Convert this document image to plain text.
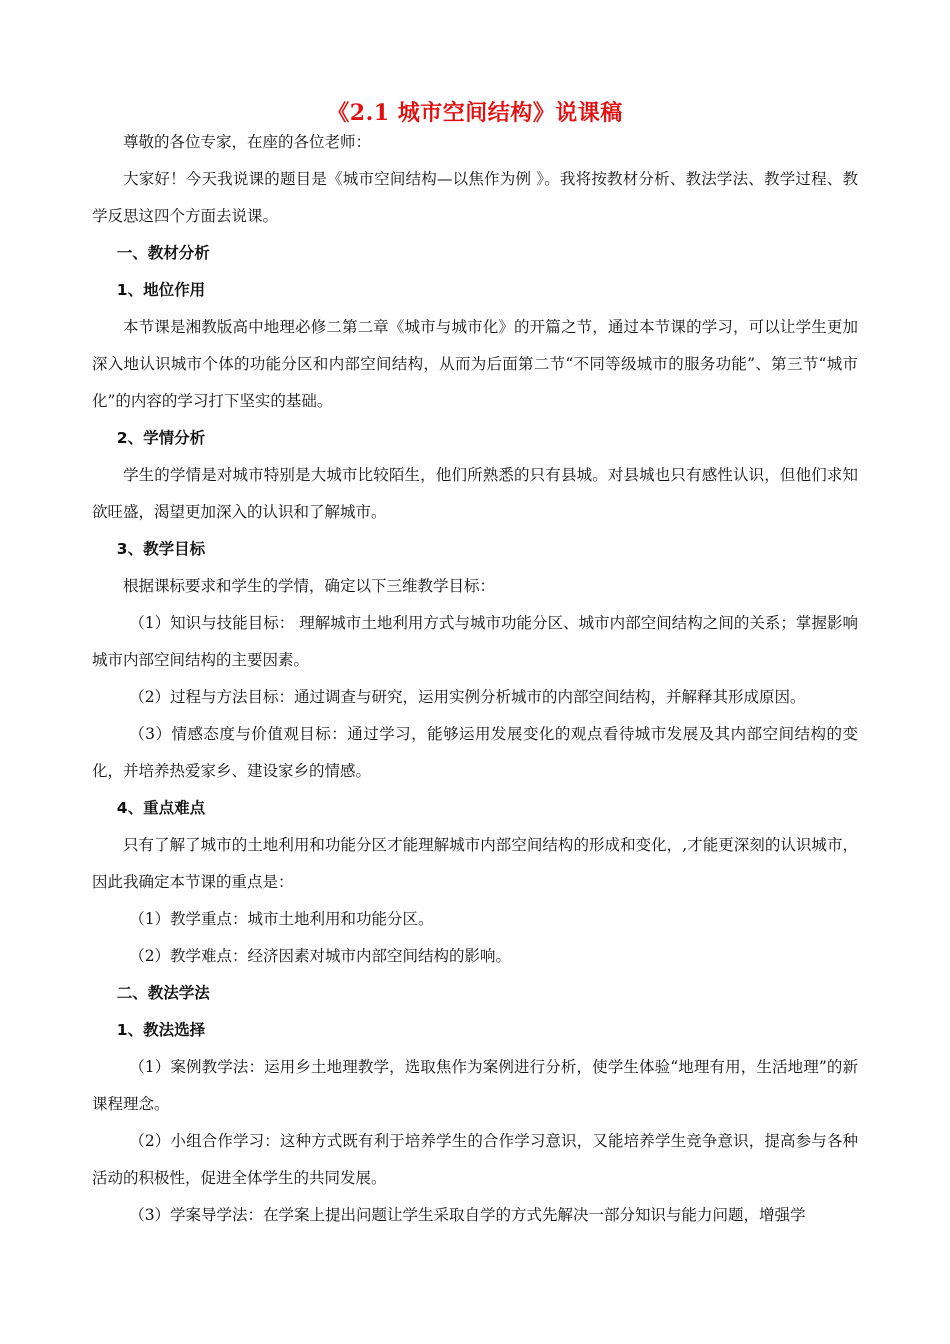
《2.1 城市空间结构》说课稿

尊敬的各位专家，在座的各位老师：

大家好！今天我说课的题目是《城市空间结构—以焦作为例 》。我将按教材分析、教法学法、教学过程、教学反思这四个方面去说课。

一、教材分析

1、地位作用

本节课是湘教版高中地理必修二第二章《城市与城市化》的开篇之节，通过本节课的学习，可以让学生更加深入地认识城市个体的功能分区和内部空间结构，从而为后面第二节“不同等级城市的服务功能”、第三节“城市化”的内容的学习打下坚实的基础。

2、学情分析

学生的学情是对城市特别是大城市比较陌生，他们所熟悉的只有县城。对县城也只有感性认识，但他们求知欲旺盛，渴望更加深入的认识和了解城市。

3、教学目标

根据课标要求和学生的学情，确定以下三维教学目标：

（1）知识与技能目标： 理解城市土地利用方式与城市功能分区、城市内部空间结构之间的关系；掌握影响城市内部空间结构的主要因素。

（2）过程与方法目标：通过调查与研究，运用实例分析城市的内部空间结构，并解释其形成原因。

（3）情感态度与价值观目标：通过学习，能够运用发展变化的观点看待城市发展及其内部空间结构的变化，并培养热爱家乡、建设家乡的情感。

4、重点难点

只有了解了城市的土地利用和功能分区才能理解城市内部空间结构的形成和变化，,才能更深刻的认识城市，因此我确定本节课的重点是：

（1）教学重点：城市土地利用和功能分区。

（2）教学难点：经济因素对城市内部空间结构的影响。

二、教法学法

1、教法选择

（1）案例教学法：运用乡土地理教学，选取焦作为案例进行分析，使学生体验“地理有用，生活地理”的新课程理念。

（2）小组合作学习：这种方式既有利于培养学生的合作学习意识，又能培养学生竞争意识，提高参与各种活动的积极性，促进全体学生的共同发展。

（3）学案导学法：在学案上提出问题让学生采取自学的方式先解决一部分知识与能力问题，增强学
